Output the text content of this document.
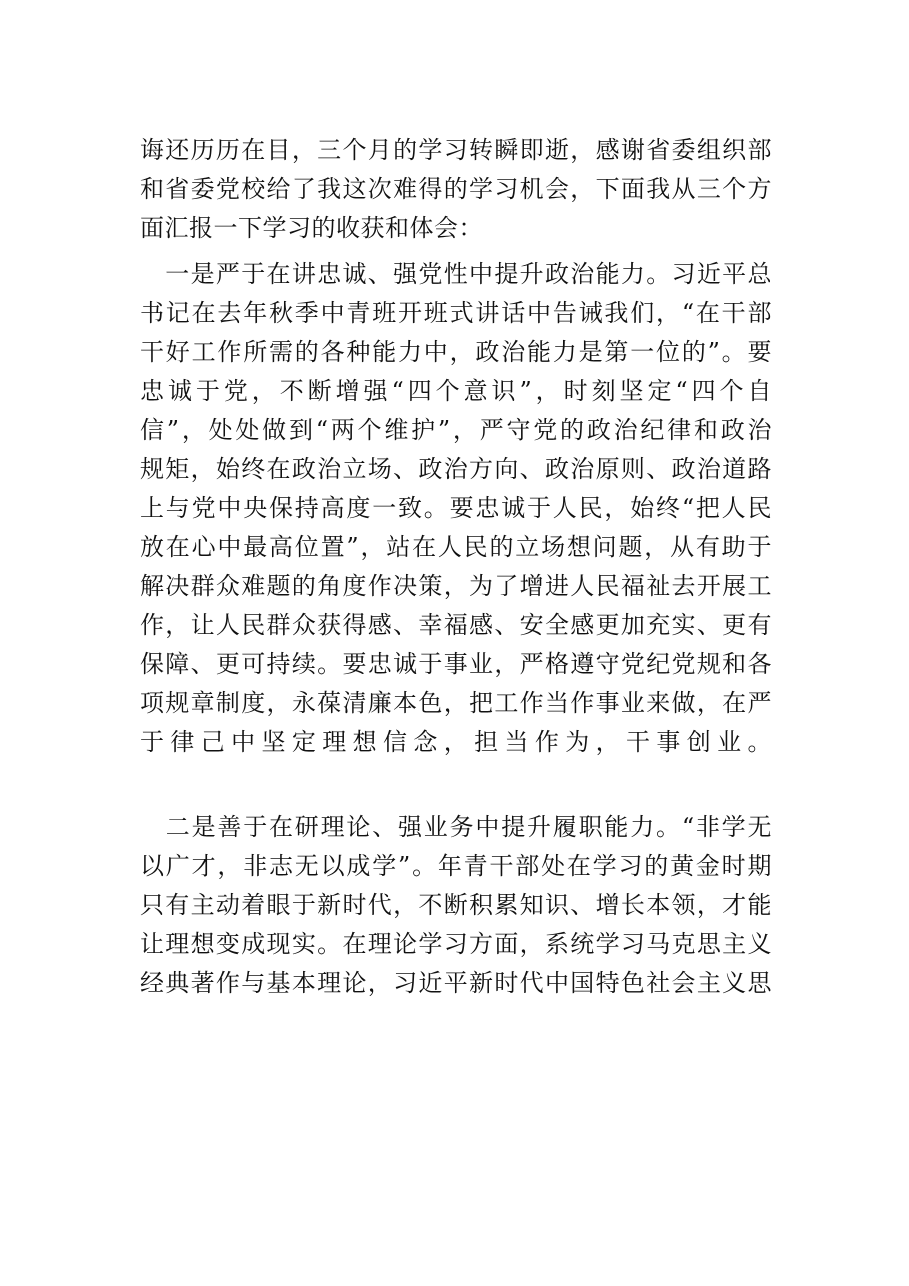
诲还历历在目，三个月的学习转瞬即逝，感谢省委组织部
和省委党校给了我这次难得的学习机会，下面我从三个方
面汇报一下学习的收获和体会：
　一是严于在讲忠诚、强党性中提升政治能力。习近平总
书记在去年秋季中青班开班式讲话中告诫我们，“在干部
干好工作所需的各种能力中，政治能力是第一位的”。要
忠诚于党，不断增强“四个意识”，时刻坚定“四个自
信”，处处做到“两个维护”，严守党的政治纪律和政治
规矩，始终在政治立场、政治方向、政治原则、政治道路
上与党中央保持高度一致。要忠诚于人民，始终“把人民
放在心中最高位置”，站在人民的立场想问题，从有助于
解决群众难题的角度作决策，为了增进人民福祉去开展工
作，让人民群众获得感、幸福感、安全感更加充实、更有
保障、更可持续。要忠诚于事业，严格遵守党纪党规和各
项规章制度，永葆清廉本色，把工作当作事业来做，在严
于律己中坚定理想信念，担当作为，干事创业。
　二是善于在研理论、强业务中提升履职能力。“非学无
以广才，非志无以成学”。年青干部处在学习的黄金时期
只有主动着眼于新时代，不断积累知识、增长本领，才能
让理想变成现实。在理论学习方面，系统学习马克思主义
经典著作与基本理论，习近平新时代中国特色社会主义思
